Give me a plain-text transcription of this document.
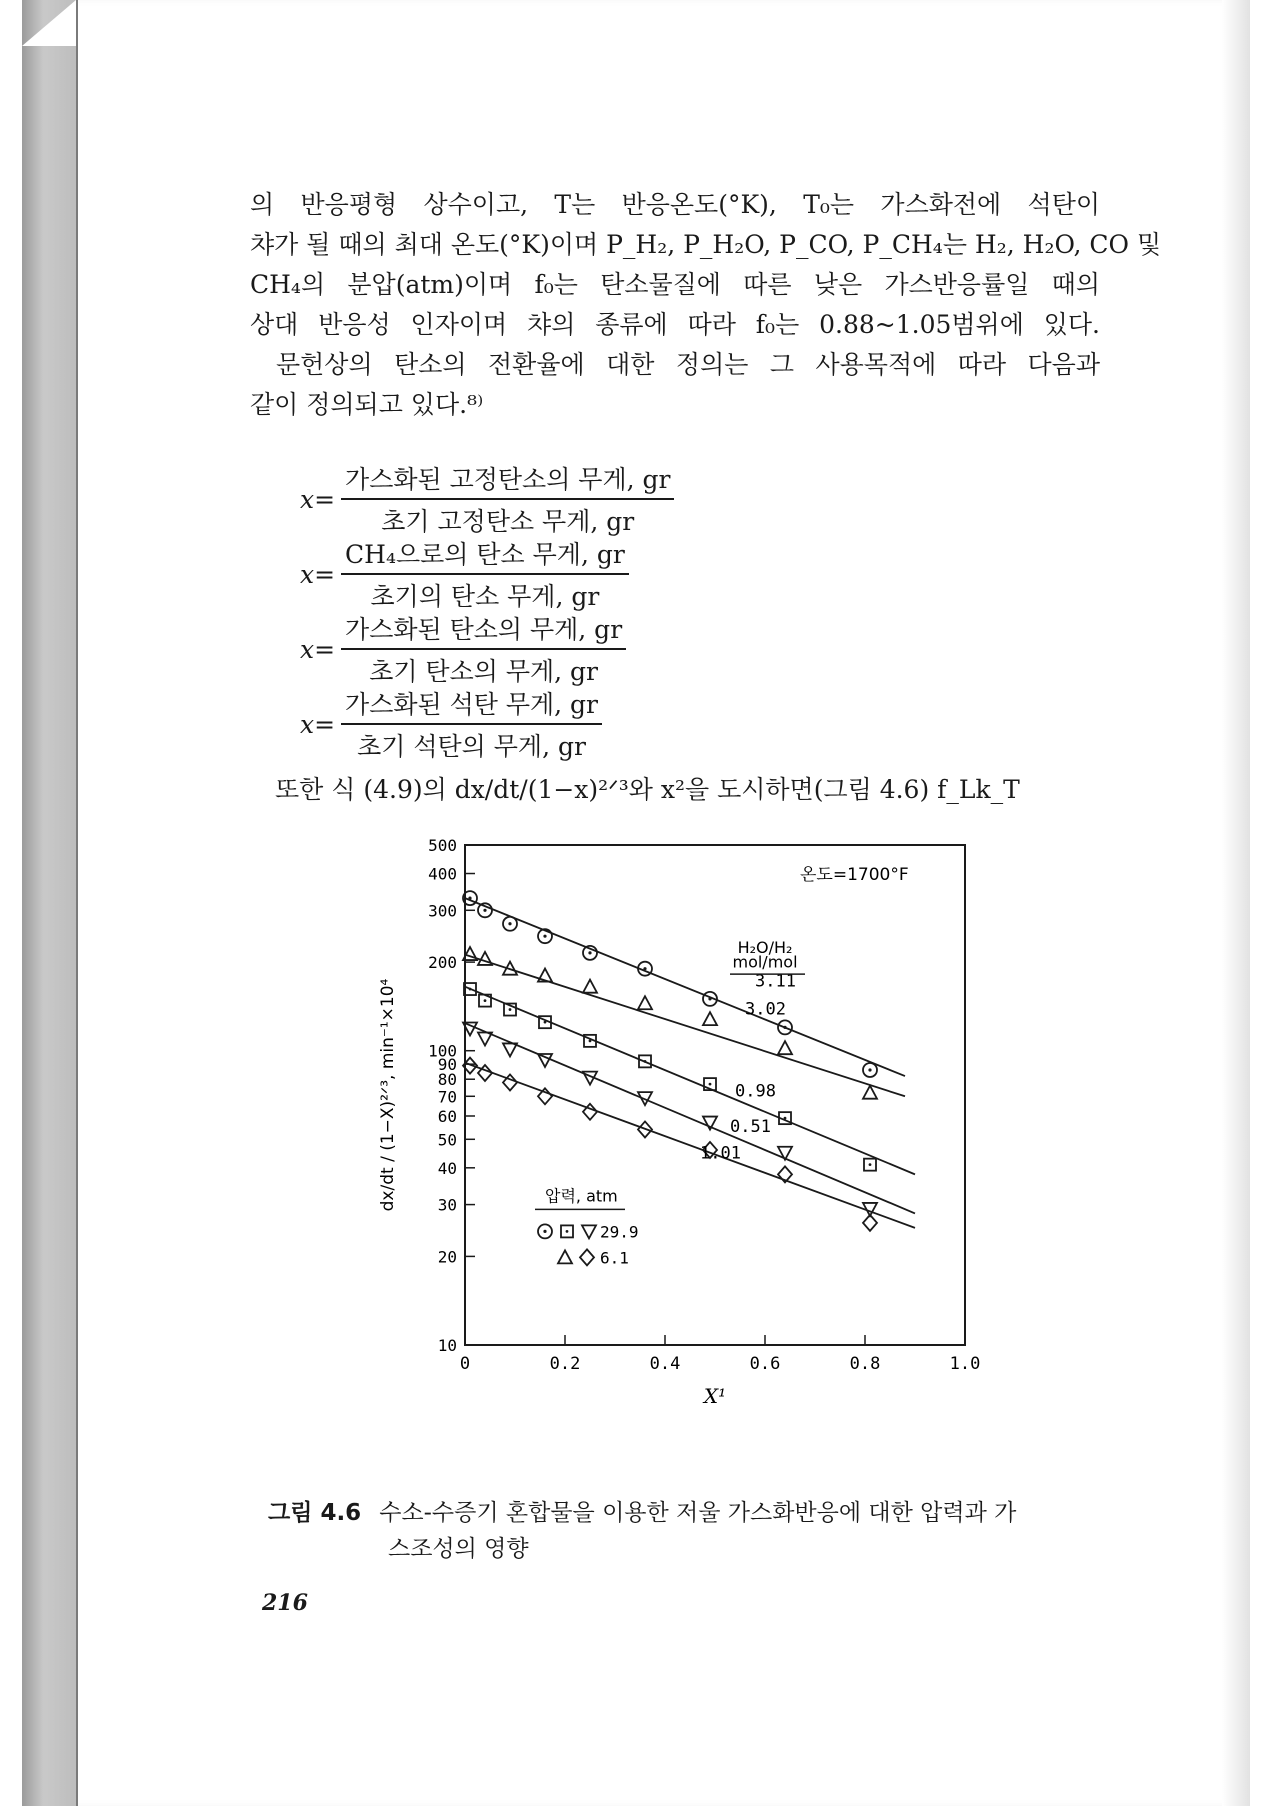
의 반응평형 상수이고, T는 반응온도(°K), T₀는 가스화전에 석탄이
챠가 될 때의 최대 온도(°K)이며 P_H₂, P_H₂O, P_CO, P_CH₄는 H₂, H₂O, CO 및
CH₄의 분압(atm)이며 f₀는 탄소물질에 따른 낮은 가스반응률일 때의
상대 반응성 인자이며 챠의 종류에 따라 f₀는 0.88~1.05범위에 있다.
문헌상의 탄소의 전환율에 대한 정의는 그 사용목적에 따라 다음과
같이 정의되고 있다.⁸⁾
$x= \frac{\text{가스화된 고정탄소의 무게, gr}}{\text{초기 고정탄소 무게, gr}}$
$x= \frac{\text{CH₄으로의 탄소 무게, gr}}{\text{초기의 탄소 무게, gr}}$
$x= \frac{\text{가스화된 탄소의 무게, gr}}{\text{초기 탄소의 무게, gr}}$
$x= \frac{\text{가스화된 석탄 무게, gr}}{\text{초기 석탄의 무게, gr}}$
또한 식 (4.9)의 dx/dt/(1−x)²ᐟ³와 x²을 도시하면(그림 4.6) f_Lk_T
0	0.2	0.4	0.6	0.8	1.0
10
20
30
40
50
60
70
80
90
100
200
300
400
500
3.11
3.02
0.98
0.51
1.01
온도=1700°F
H₂O/H₂
mol/mol
X¹
dx/dt / (1−X)²ᐟ³, min⁻¹×10⁴	압력, atm
29.9
6.1
그림 4.6 수소-수증기 혼합물을 이용한 저울 가스화반응에 대한 압력과 가
스조성의 영향
216
